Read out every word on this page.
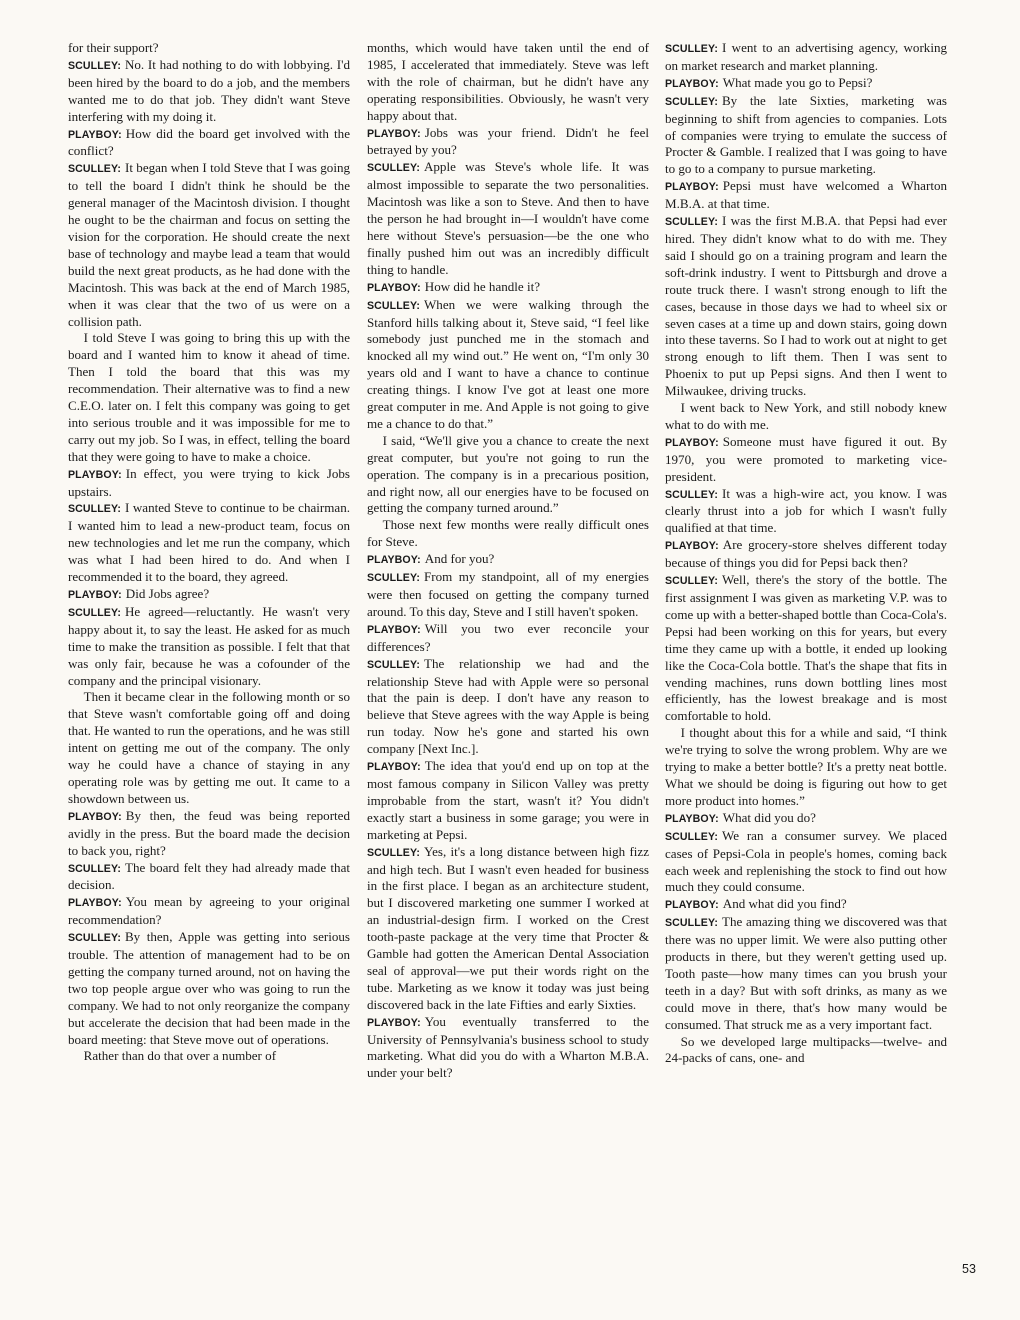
for their support?

SCULLEY: No. It had nothing to do with lobbying. I'd been hired by the board to do a job, and the members wanted me to do that job. They didn't want Steve interfering with my doing it.

PLAYBOY: How did the board get involved with the conflict?

SCULLEY: It began when I told Steve that I was going to tell the board I didn't think he should be the general manager of the Macintosh division. I thought he ought to be the chairman and focus on setting the vision for the corporation. He should create the next base of technology and maybe lead a team that would build the next great products, as he had done with the Macintosh. This was back at the end of March 1985, when it was clear that the two of us were on a collision path.

I told Steve I was going to bring this up with the board and I wanted him to know it ahead of time. Then I told the board that this was my recommendation. Their alternative was to find a new C.E.O. later on. I felt this company was going to get into serious trouble and it was impossible for me to carry out my job. So I was, in effect, telling the board that they were going to have to make a choice.

PLAYBOY: In effect, you were trying to kick Jobs upstairs.

SCULLEY: I wanted Steve to continue to be chairman. I wanted him to lead a new-product team, focus on new technologies and let me run the company, which was what I had been hired to do. And when I recommended it to the board, they agreed.

PLAYBOY: Did Jobs agree?

SCULLEY: He agreed—reluctantly. He wasn't very happy about it, to say the least. He asked for as much time to make the transition as possible. I felt that that was only fair, because he was a cofounder of the company and the principal visionary.

Then it became clear in the following month or so that Steve wasn't comfortable going off and doing that. He wanted to run the operations, and he was still intent on getting me out of the company. The only way he could have a chance of staying in any operating role was by getting me out. It came to a showdown between us.

PLAYBOY: By then, the feud was being reported avidly in the press. But the board made the decision to back you, right?

SCULLEY: The board felt they had already made that decision.

PLAYBOY: You mean by agreeing to your original recommendation?

SCULLEY: By then, Apple was getting into serious trouble. The attention of management had to be on getting the company turned around, not on having the two top people argue over who was going to run the company. We had to not only reorganize the company but accelerate the decision that had been made in the board meeting: that Steve move out of operations.

Rather than do that over a number of

months, which would have taken until the end of 1985, I accelerated that immediately. Steve was left with the role of chairman, but he didn't have any operating responsibilities. Obviously, he wasn't very happy about that.

PLAYBOY: Jobs was your friend. Didn't he feel betrayed by you?

SCULLEY: Apple was Steve's whole life. It was almost impossible to separate the two personalities. Macintosh was like a son to Steve. And then to have the person he had brought in—I wouldn't have come here without Steve's persuasion—be the one who finally pushed him out was an incredibly difficult thing to handle.

PLAYBOY: How did he handle it?

SCULLEY: When we were walking through the Stanford hills talking about it, Steve said, “I feel like somebody just punched me in the stomach and knocked all my wind out.” He went on, “I'm only 30 years old and I want to have a chance to continue creating things. I know I've got at least one more great computer in me. And Apple is not going to give me a chance to do that.”

I said, “We'll give you a chance to create the next great computer, but you're not going to run the operation. The company is in a precarious position, and right now, all our energies have to be focused on getting the company turned around.”

Those next few months were really difficult ones for Steve.

PLAYBOY: And for you?

SCULLEY: From my standpoint, all of my energies were then focused on getting the company turned around. To this day, Steve and I still haven't spoken.

PLAYBOY: Will you two ever reconcile your differences?

SCULLEY: The relationship we had and the relationship Steve had with Apple were so personal that the pain is deep. I don't have any reason to believe that Steve agrees with the way Apple is being run today. Now he's gone and started his own company [Next Inc.].

PLAYBOY: The idea that you'd end up on top at the most famous company in Silicon Valley was pretty improbable from the start, wasn't it? You didn't exactly start a business in some garage; you were in marketing at Pepsi.

SCULLEY: Yes, it's a long distance between high fizz and high tech. But I wasn't even headed for business in the first place. I began as an architecture student, but I discovered marketing one summer I worked at an industrial-design firm. I worked on the Crest tooth-paste package at the very time that Procter & Gamble had gotten the American Dental Association seal of approval—we put their words right on the tube. Marketing as we know it today was just being discovered back in the late Fifties and early Sixties.

PLAYBOY: You eventually transferred to the University of Pennsylvania's business school to study marketing. What did you do with a Wharton M.B.A. under your belt?

SCULLEY: I went to an advertising agency, working on market research and market planning.

PLAYBOY: What made you go to Pepsi?

SCULLEY: By the late Sixties, marketing was beginning to shift from agencies to companies. Lots of companies were trying to emulate the success of Procter & Gamble. I realized that I was going to have to go to a company to pursue marketing.

PLAYBOY: Pepsi must have welcomed a Wharton M.B.A. at that time.

SCULLEY: I was the first M.B.A. that Pepsi had ever hired. They didn't know what to do with me. They said I should go on a training program and learn the soft-drink industry. I went to Pittsburgh and drove a route truck there. I wasn't strong enough to lift the cases, because in those days we had to wheel six or seven cases at a time up and down stairs, going down into these taverns. So I had to work out at night to get strong enough to lift them. Then I was sent to Phoenix to put up Pepsi signs. And then I went to Milwaukee, driving trucks.

I went back to New York, and still nobody knew what to do with me.

PLAYBOY: Someone must have figured it out. By 1970, you were promoted to marketing vice-president.

SCULLEY: It was a high-wire act, you know. I was clearly thrust into a job for which I wasn't fully qualified at that time.

PLAYBOY: Are grocery-store shelves different today because of things you did for Pepsi back then?

SCULLEY: Well, there's the story of the bottle. The first assignment I was given as marketing V.P. was to come up with a better-shaped bottle than Coca-Cola's. Pepsi had been working on this for years, but every time they came up with a bottle, it ended up looking like the Coca-Cola bottle. That's the shape that fits in vending machines, runs down bottling lines most efficiently, has the lowest breakage and is most comfortable to hold.

I thought about this for a while and said, “I think we're trying to solve the wrong problem. Why are we trying to make a better bottle? It's a pretty neat bottle. What we should be doing is figuring out how to get more product into homes.”

PLAYBOY: What did you do?

SCULLEY: We ran a consumer survey. We placed cases of Pepsi-Cola in people's homes, coming back each week and replenishing the stock to find out how much they could consume.

PLAYBOY: And what did you find?

SCULLEY: The amazing thing we discovered was that there was no upper limit. We were also putting other products in there, but they weren't getting used up. Tooth paste—how many times can you brush your teeth in a day? But with soft drinks, as many as we could move in there, that's how many would be consumed. That struck me as a very important fact.

So we developed large multipacks—twelve- and 24-packs of cans, one- and

53
